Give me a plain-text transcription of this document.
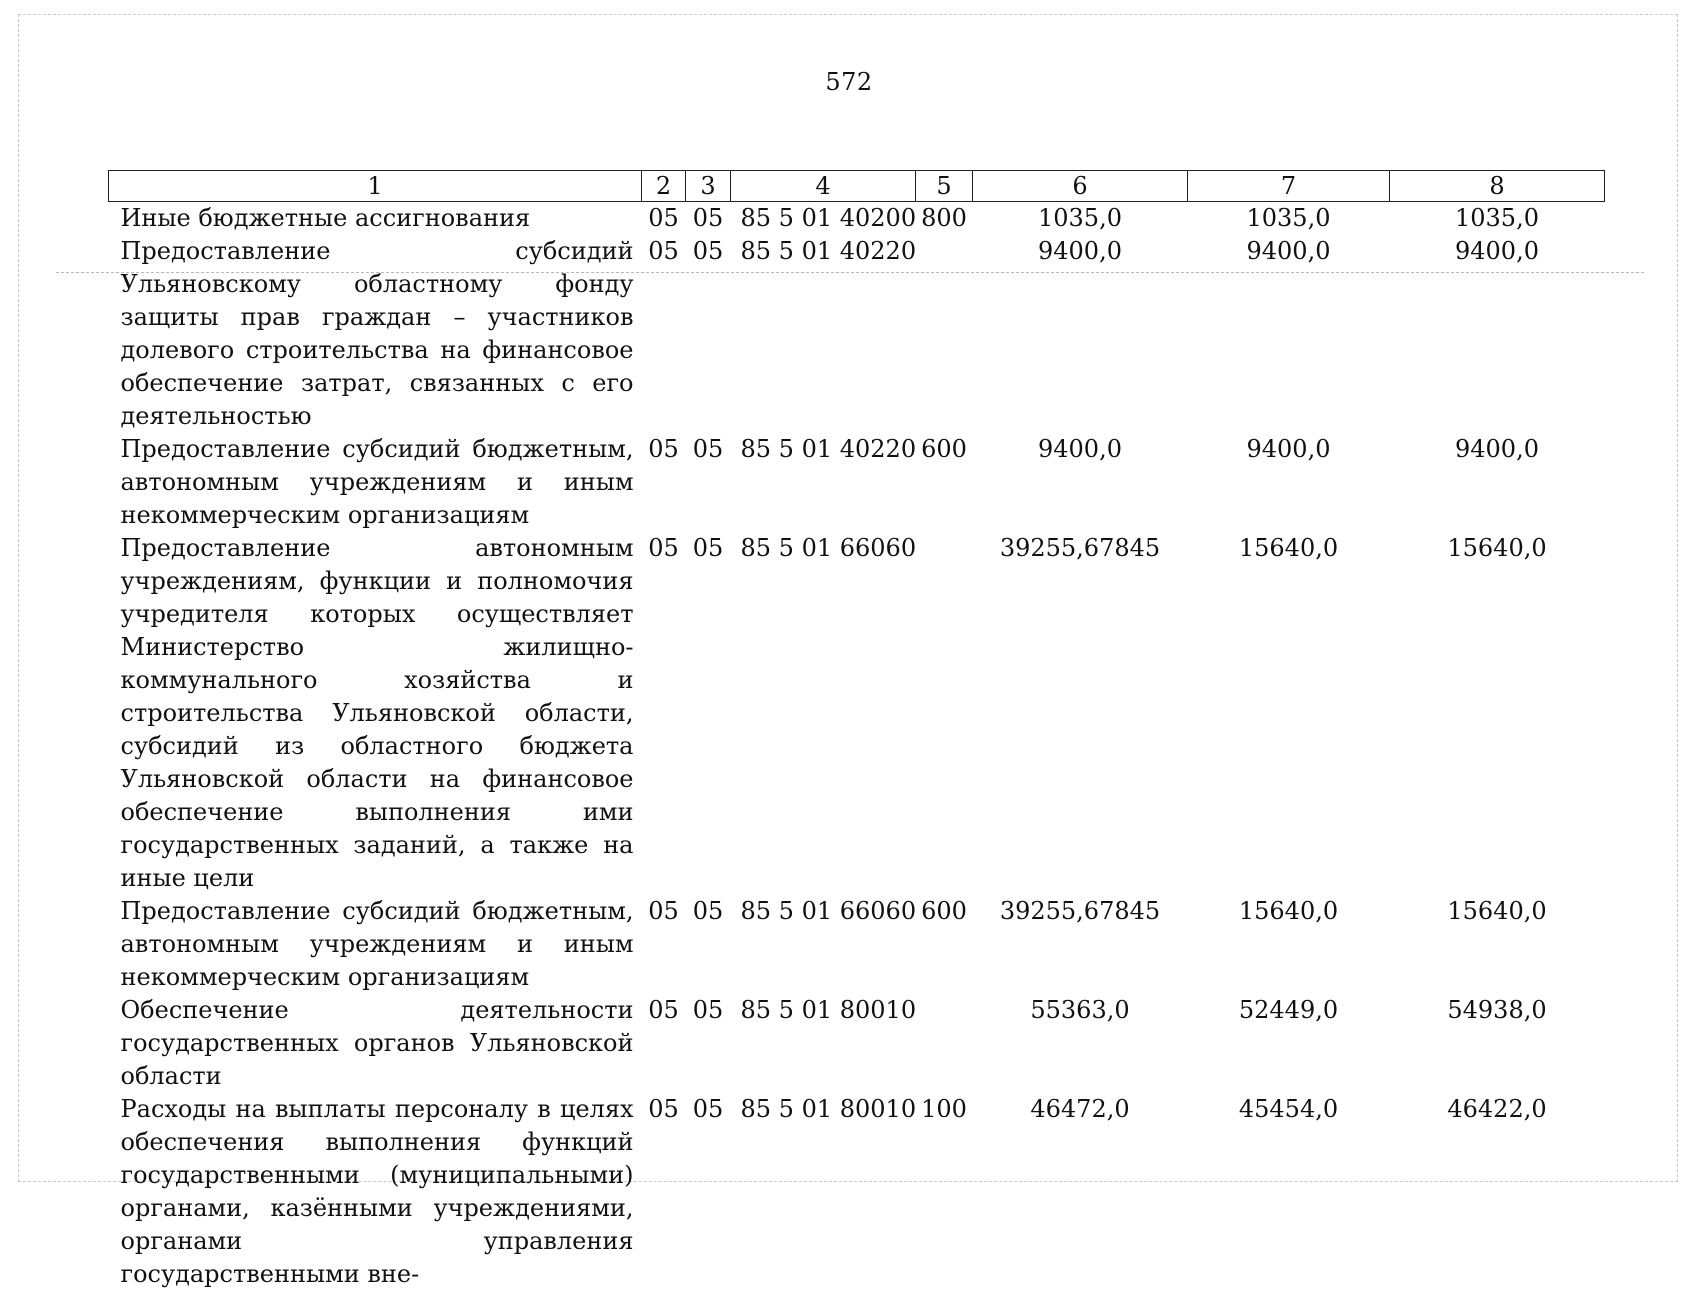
572
1	2	3	4	5	6	7	8
Иные бюджетные ассигнования	05	05	85 5 01 40200	800	1035,0	1035,0	1035,0
Предоставление субсидий Ульяновскому областному фонду защиты прав граждан – участников долевого строительства на финансовое обеспечение затрат, связанных с его деятельностью	05	05	85 5 01 40220		9400,0	9400,0	9400,0
Предоставление субсидий бюджетным, автономным учреждениям и иным некоммерческим организациям	05	05	85 5 01 40220	600	9400,0	9400,0	9400,0
Предоставление автономным учреждениям, функции и полномочия учредителя которых осуществляет Министерство жилищно-коммунального хозяйства и строительства Ульяновской области, субсидий из областного бюджета Ульяновской области на финансовое обеспечение выполнения ими государственных заданий, а также на иные цели	05	05	85 5 01 66060		39255,67845	15640,0	15640,0
Предоставление субсидий бюджетным, автономным учреждениям и иным некоммерческим организациям	05	05	85 5 01 66060	600	39255,67845	15640,0	15640,0
Обеспечение деятельности государственных органов Ульяновской области	05	05	85 5 01 80010		55363,0	52449,0	54938,0
Расходы на выплаты персоналу в целях обеспечения выполнения функций государственными (муниципальными) органами, казёнными учреждениями, органами управления государственными вне-	05	05	85 5 01 80010	100	46472,0	45454,0	46422,0
